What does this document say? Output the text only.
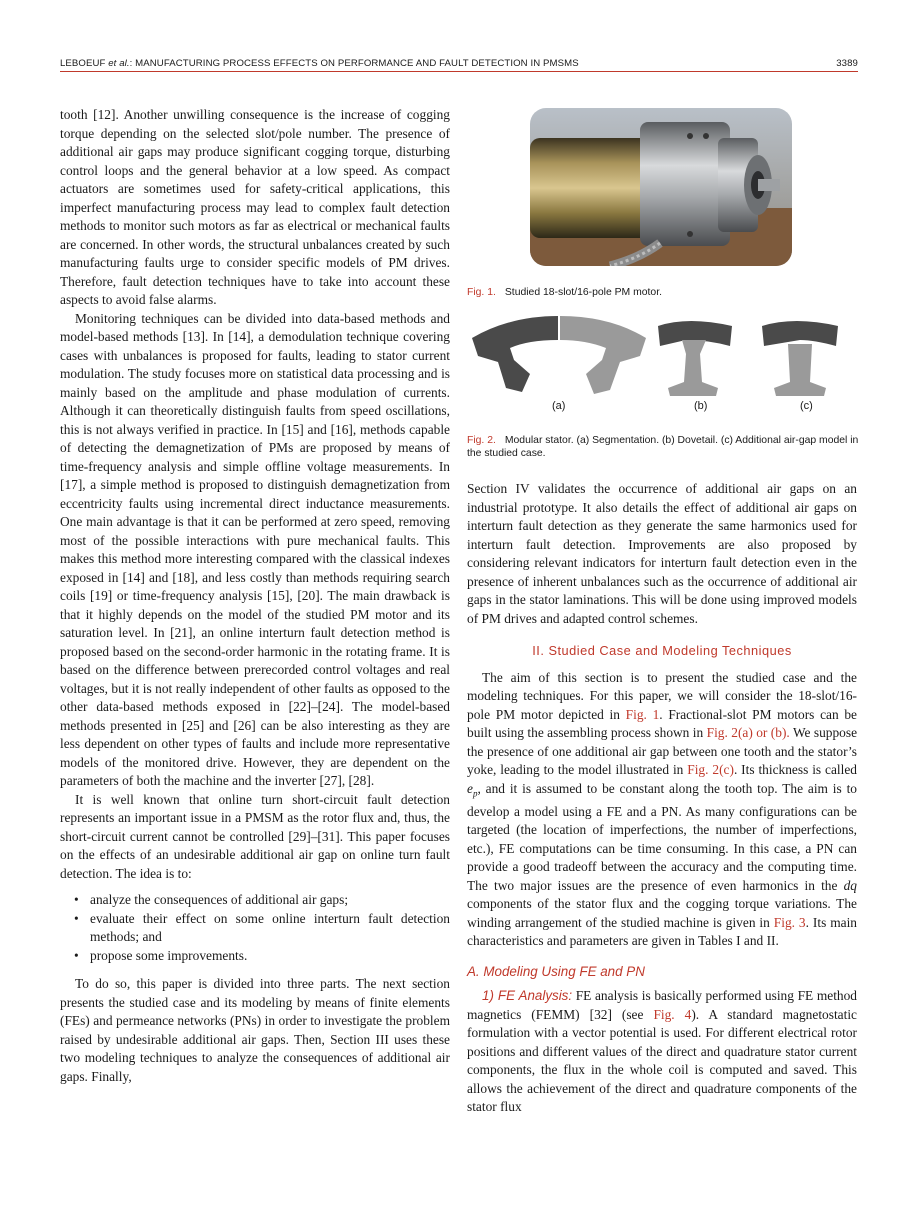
LEBOEUF et al.: MANUFACTURING PROCESS EFFECTS ON PERFORMANCE AND FAULT DETECTION IN PMSMS	3389

tooth [12]. Another unwilling consequence is the increase of cogging torque depending on the selected slot/pole number. The presence of additional air gaps may produce significant cogging torque, disturbing control loops and the general behavior at a low speed. As compact actuators are sometimes used for safety-critical applications, this imperfect manufacturing process may lead to complex fault detection methods to monitor such motors as far as electrical or mechanical faults are concerned. In other words, the structural unbalances created by such manufacturing faults urge to consider specific models of PM drives. Therefore, fault detection techniques have to take into account these aspects to avoid false alarms.

Monitoring techniques can be divided into data-based methods and model-based methods [13]. In [14], a demodulation technique covering cases with unbalances is proposed for faults, leading to stator current modulation. The study focuses more on statistical data processing and is mainly based on the amplitude and phase modulation of currents. Although it can theoretically distinguish faults from speed oscillations, this is not always verified in practice. In [15] and [16], methods capable of detecting the demagnetization of PMs are proposed by means of time-frequency analysis and simple offline voltage measurements. In [17], a simple method is proposed to distinguish demagnetization from eccentricity faults using incremental direct inductance measurements. One main advantage is that it can be performed at zero speed, removing most of the possible interactions with pure mechanical faults. This makes this method more interesting compared with the classical indexes exposed in [14] and [18], and less costly than methods requiring search coils [19] or time-frequency analysis [15], [20]. The main drawback is that it highly depends on the model of the studied PM motor and its saturation level. In [21], an online interturn fault detection method is proposed based on the second-order harmonic in the rotating frame. It is based on the difference between prerecorded control voltages and real voltages, but it is not really independent of other faults as opposed to the other data-based methods exposed in [22]–[24]. The model-based methods presented in [25] and [26] can be also interesting as they are less dependent on other types of faults and include more representative models of the monitored drive. However, they are dependent on the parameters of both the machine and the inverter [27], [28].

It is well known that online turn short-circuit fault detection represents an important issue in a PMSM as the rotor flux and, thus, the short-circuit current cannot be controlled [29]–[31]. This paper focuses on the effects of an undesirable additional air gap on online turn fault detection. The idea is to:

• analyze the consequences of additional air gaps;
• evaluate their effect on some online interturn fault detection methods; and
• propose some improvements.

To do so, this paper is divided into three parts. The next section presents the studied case and its modeling by means of finite elements (FEs) and permeance networks (PNs) in order to investigate the problem raised by undesirable additional air gaps. Then, Section III uses these two modeling techniques to analyze the consequences of additional air gaps. Finally,

Fig. 1. Studied 18-slot/16-pole PM motor.
(a)	(b)	(c)
Fig. 2. Modular stator. (a) Segmentation. (b) Dovetail. (c) Additional air-gap model in the studied case.

Section IV validates the occurrence of additional air gaps on an industrial prototype. It also details the effect of additional air gaps on interturn fault detection as they generate the same harmonics used for interturn fault detection. Improvements are also proposed by considering relevant indicators for interturn fault detection even in the presence of inherent unbalances such as the occurrence of additional air gaps in the stator laminations. This will be done using improved models of PM drives and adapted control schemes.

II. Studied Case and Modeling Techniques

The aim of this section is to present the studied case and the modeling techniques. For this paper, we will consider the 18-slot/16-pole PM motor depicted in Fig. 1. Fractional-slot PM motors can be built using the assembling process shown in Fig. 2(a) or (b). We suppose the presence of one additional air gap between one tooth and the stator’s yoke, leading to the model illustrated in Fig. 2(c). Its thickness is called $e_p$, and it is assumed to be constant along the tooth top. The aim is to develop a model using a FE and a PN. As many configurations can be targeted (the location of imperfections, the number of imperfections, etc.), FE computations can be time consuming. In this case, a PN can provide a good tradeoff between the accuracy and the computing time. The two major issues are the presence of even harmonics in the dq components of the stator flux and the cogging torque variations. The winding arrangement of the studied machine is given in Fig. 3. Its main characteristics and parameters are given in Tables I and II.

A. Modeling Using FE and PN

1) FE Analysis: FE analysis is basically performed using FE method magnetics (FEMM) [32] (see Fig. 4). A standard magnetostatic formulation with a vector potential is used. For different electrical rotor positions and different values of the direct and quadrature stator current components, the flux in the whole coil is computed and saved. This allows the achievement of the direct and quadrature components of the stator flux
